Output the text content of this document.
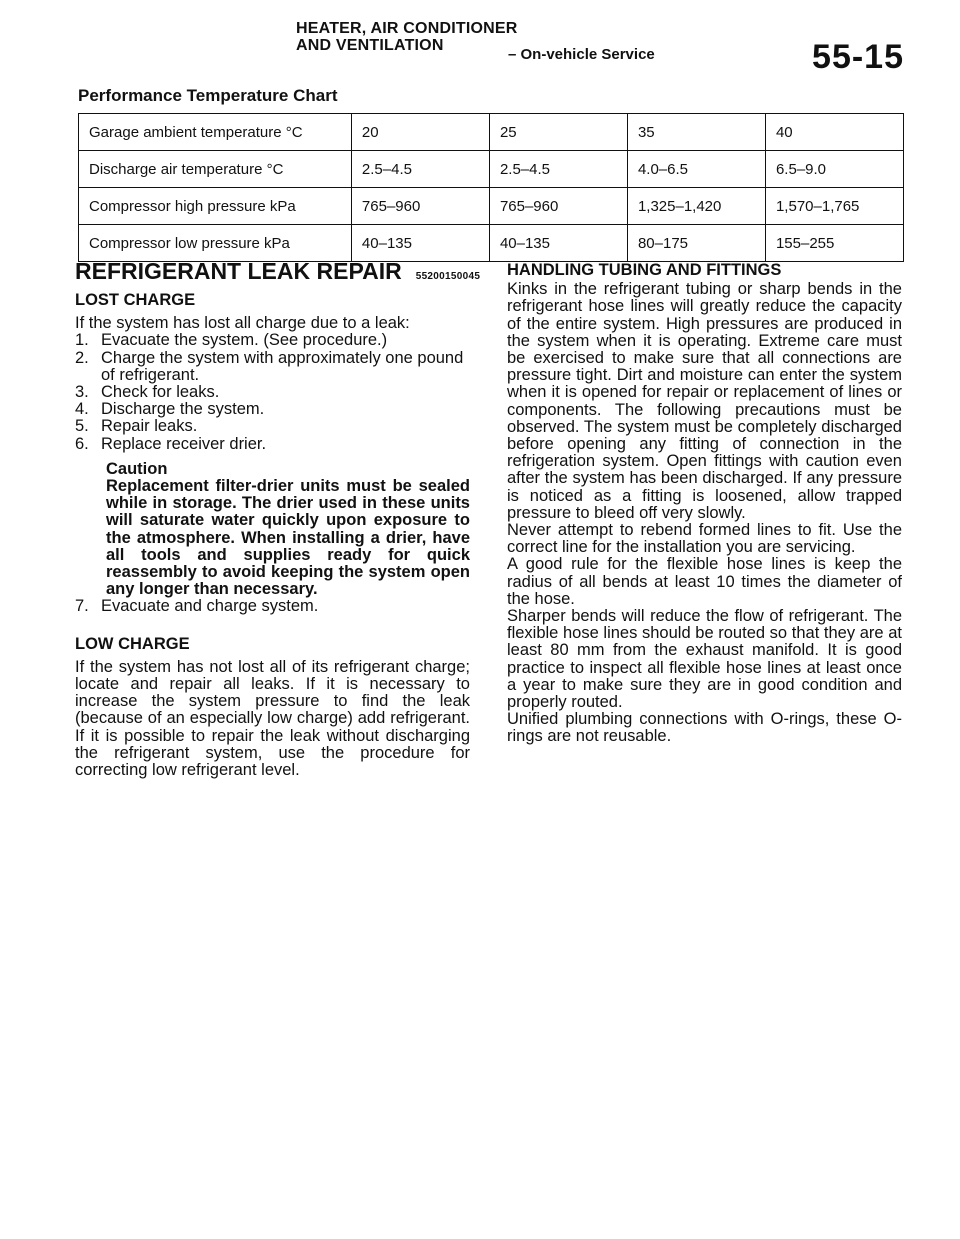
HEATER, AIR CONDITIONER
AND VENTILATION
– On-vehicle Service	55-15
Performance Temperature Chart
Garage ambient temperature °C	20	25	35	40
Discharge air temperature °C	2.5–4.5	2.5–4.5	4.0–6.5	6.5–9.0
Compressor high pressure kPa	765–960	765–960	1,325–1,420	1,570–1,765
Compressor low pressure kPa	40–135	40–135	80–175	155–255
REFRIGERANT LEAK REPAIR 55200150045
LOST CHARGE

If the system has lost all charge due to a leak:

1. Evacuate the system. (See procedure.)
2. Charge the system with approximately one pound of refrigerant.
3. Check for leaks.
4. Discharge the system.
5. Repair leaks.
6. Replace receiver drier.
Caution
Replacement filter-drier units must be sealed while in storage. The drier used in these units will saturate water quickly upon exposure to the atmosphere. When installing a drier, have all tools and supplies ready for quick reassembly to avoid keeping the system open any longer than necessary.
7. Evacuate and charge system.
LOW CHARGE

If the system has not lost all of its refrigerant charge; locate and repair all leaks. If it is necessary to increase the system pressure to find the leak (because of an especially low charge) add refrigerant. If it is possible to repair the leak without discharging the refrigerant system, use the procedure for correcting low refrigerant level.

HANDLING TUBING AND FITTINGS

Kinks in the refrigerant tubing or sharp bends in the refrigerant hose lines will greatly reduce the capacity of the entire system. High pressures are produced in the system when it is operating. Extreme care must be exercised to make sure that all connections are pressure tight. Dirt and moisture can enter the system when it is opened for repair or replacement of lines or components. The following precautions must be observed. The system must be completely discharged before opening any fitting of connection in the refrigeration system. Open fittings with caution even after the system has been discharged. If any pressure is noticed as a fitting is loosened, allow trapped pressure to bleed off very slowly.

Never attempt to rebend formed lines to fit. Use the correct line for the installation you are servicing.

A good rule for the flexible hose lines is keep the radius of all bends at least 10 times the diameter of the hose.

Sharper bends will reduce the flow of refrigerant. The flexible hose lines should be routed so that they are at least 80 mm from the exhaust manifold. It is good practice to inspect all flexible hose lines at least once a year to make sure they are in good condition and properly routed.

Unified plumbing connections with O-rings, these O-rings are not reusable.
